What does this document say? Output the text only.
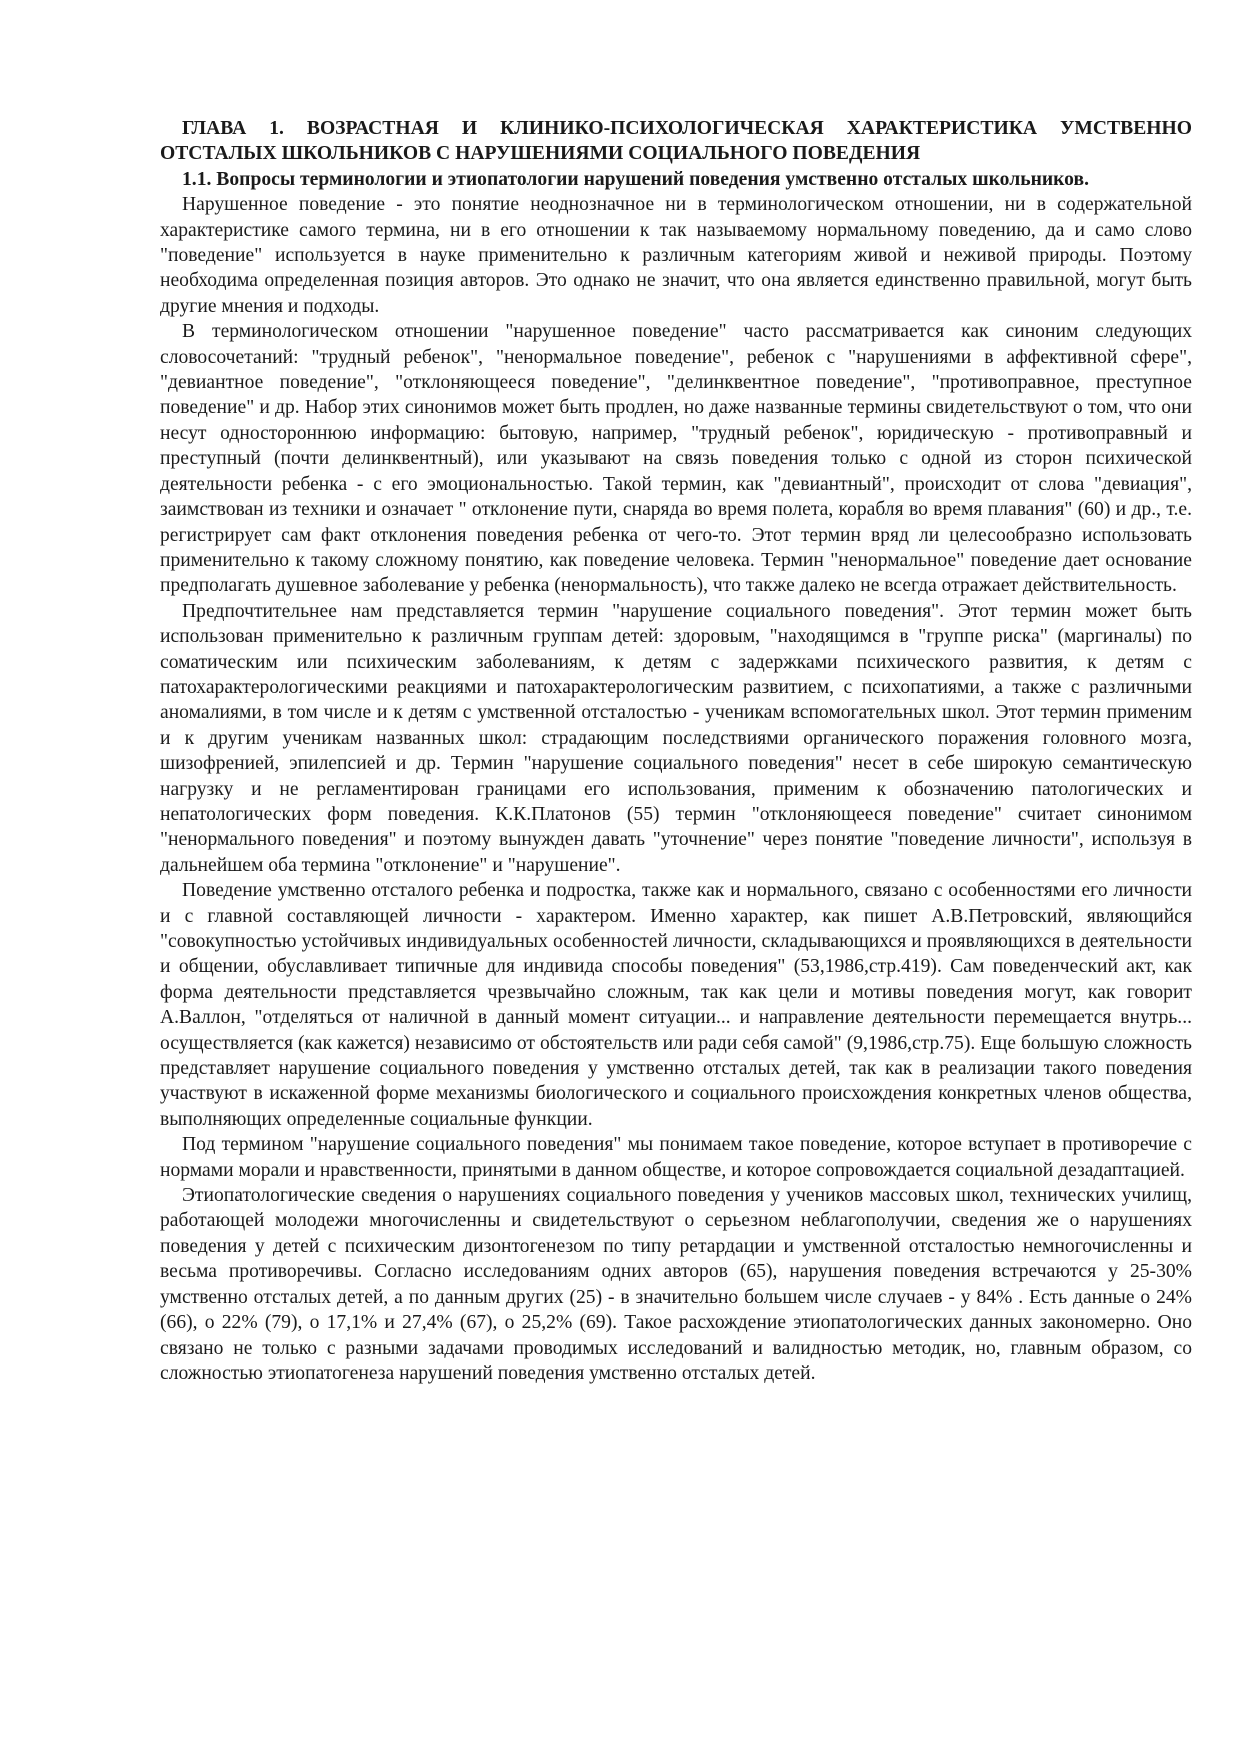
ГЛАВА 1. ВОЗРАСТНАЯ И КЛИНИКО-ПСИХОЛОГИЧЕСКАЯ ХАРАКТЕРИСТИКА УМСТВЕННО ОТСТАЛЫХ ШКОЛЬНИКОВ С НАРУШЕНИЯМИ СОЦИАЛЬНОГО ПОВЕДЕНИЯ

1.1. Вопросы терминологии и этиопатологии нарушений поведения умственно отсталых школьников.

Нарушенное поведение - это понятие неоднозначное ни в терминологическом отношении, ни в содержательной характеристике самого термина, ни в его отношении к так называемому нормальному поведению, да и само слово "поведение" используется в науке применительно к различным категориям живой и неживой природы. Поэтому необходима определенная позиция авторов. Это однако не значит, что она является единственно правильной, могут быть другие мнения и подходы.

В терминологическом отношении "нарушенное поведение" часто рассматривается как синоним следующих словосочетаний: "трудный ребенок", "ненормальное поведение", ребенок с "нарушениями в аффективной сфере", "девиантное поведение", "отклоняющееся поведение", "делинквентное поведение", "противоправное, преступное поведение" и др. Набор этих синонимов может быть продлен, но даже названные термины свидетельствуют о том, что они несут одностороннюю информацию: бытовую, например, "трудный ребенок", юридическую - противоправный и преступный (почти делинквентный), или указывают на связь поведения только с одной из сторон психической деятельности ребенка - с его эмоциональностью. Такой термин, как "девиантный", происходит от слова "девиация", заимствован из техники и означает " отклонение пути, снаряда во время полета, корабля во время плавания" (60) и др., т.е. регистрирует сам факт отклонения поведения ребенка от чего-то. Этот термин вряд ли целесообразно использовать применительно к такому сложному понятию, как поведение человека. Термин "ненормальное" поведение дает основание предполагать душевное заболевание у ребенка (ненормальность), что также далеко не всегда отражает действительность.

Предпочтительнее нам представляется термин "нарушение социального поведения". Этот термин может быть использован применительно к различным группам детей: здоровым, "находящимся в "группе риска" (маргиналы) по соматическим или психическим заболеваниям, к детям с задержками психического развития, к детям с патохарактерологическими реакциями и патохарактерологическим развитием, с психопатиями, а также с различными аномалиями, в том числе и к детям с умственной отсталостью - ученикам вспомогательных школ. Этот термин применим и к другим ученикам названных школ: страдающим последствиями органического поражения головного мозга, шизофренией, эпилепсией и др. Термин "нарушение социального поведения" несет в себе широкую семантическую нагрузку и не регламентирован границами его использования, применим к обозначению патологических и непатологических форм поведения. К.К.Платонов (55) термин "отклоняющееся поведение" считает синонимом "ненормального поведения" и поэтому вынужден давать "уточнение" через понятие "поведение личности", используя в дальнейшем оба термина "отклонение" и "нарушение".

Поведение умственно отсталого ребенка и подростка, также как и нормального, связано с особенностями его личности и с главной составляющей личности - характером. Именно характер, как пишет А.В.Петровский, являющийся "совокупностью устойчивых индивидуальных особенностей личности, складывающихся и проявляющихся в деятельности и общении, обуславливает типичные для индивида способы поведения" (53,1986,стр.419). Сам поведенческий акт, как форма деятельности представляется чрезвычайно сложным, так как цели и мотивы поведения могут, как говорит А.Валлон, "отделяться от наличной в данный момент ситуации... и направление деятельности перемещается внутрь... осуществляется (как кажется) независимо от обстоятельств или ради себя самой" (9,1986,стр.75). Еще большую сложность представляет нарушение социального поведения у умственно отсталых детей, так как в реализации такого поведения участвуют в искаженной форме механизмы биологического и социального происхождения конкретных членов общества, выполняющих определенные социальные функции.

Под термином "нарушение социального поведения" мы понимаем такое поведение, которое вступает в противоречие с нормами морали и нравственности, принятыми в данном обществе, и которое сопровождается социальной дезадаптацией.

Этиопатологические сведения о нарушениях социального поведения у учеников массовых школ, технических училищ, работающей молодежи многочисленны и свидетельствуют о серьезном неблагополучии, сведения же о нарушениях поведения у детей с психическим дизонтогенезом по типу ретардации и умственной отсталостью немногочисленны и весьма противоречивы. Согласно исследованиям одних авторов (65), нарушения поведения встречаются у 25-30% умственно отсталых детей, а по данным других (25) - в значительно большем числе случаев - у 84% . Есть данные о 24% (66), о 22% (79), о 17,1% и 27,4% (67), о 25,2% (69). Такое расхождение этиопатологических данных закономерно. Оно связано не только с разными задачами проводимых исследований и валидностью методик, но, главным образом, со сложностью этиопатогенеза нарушений поведения умственно отсталых детей.
